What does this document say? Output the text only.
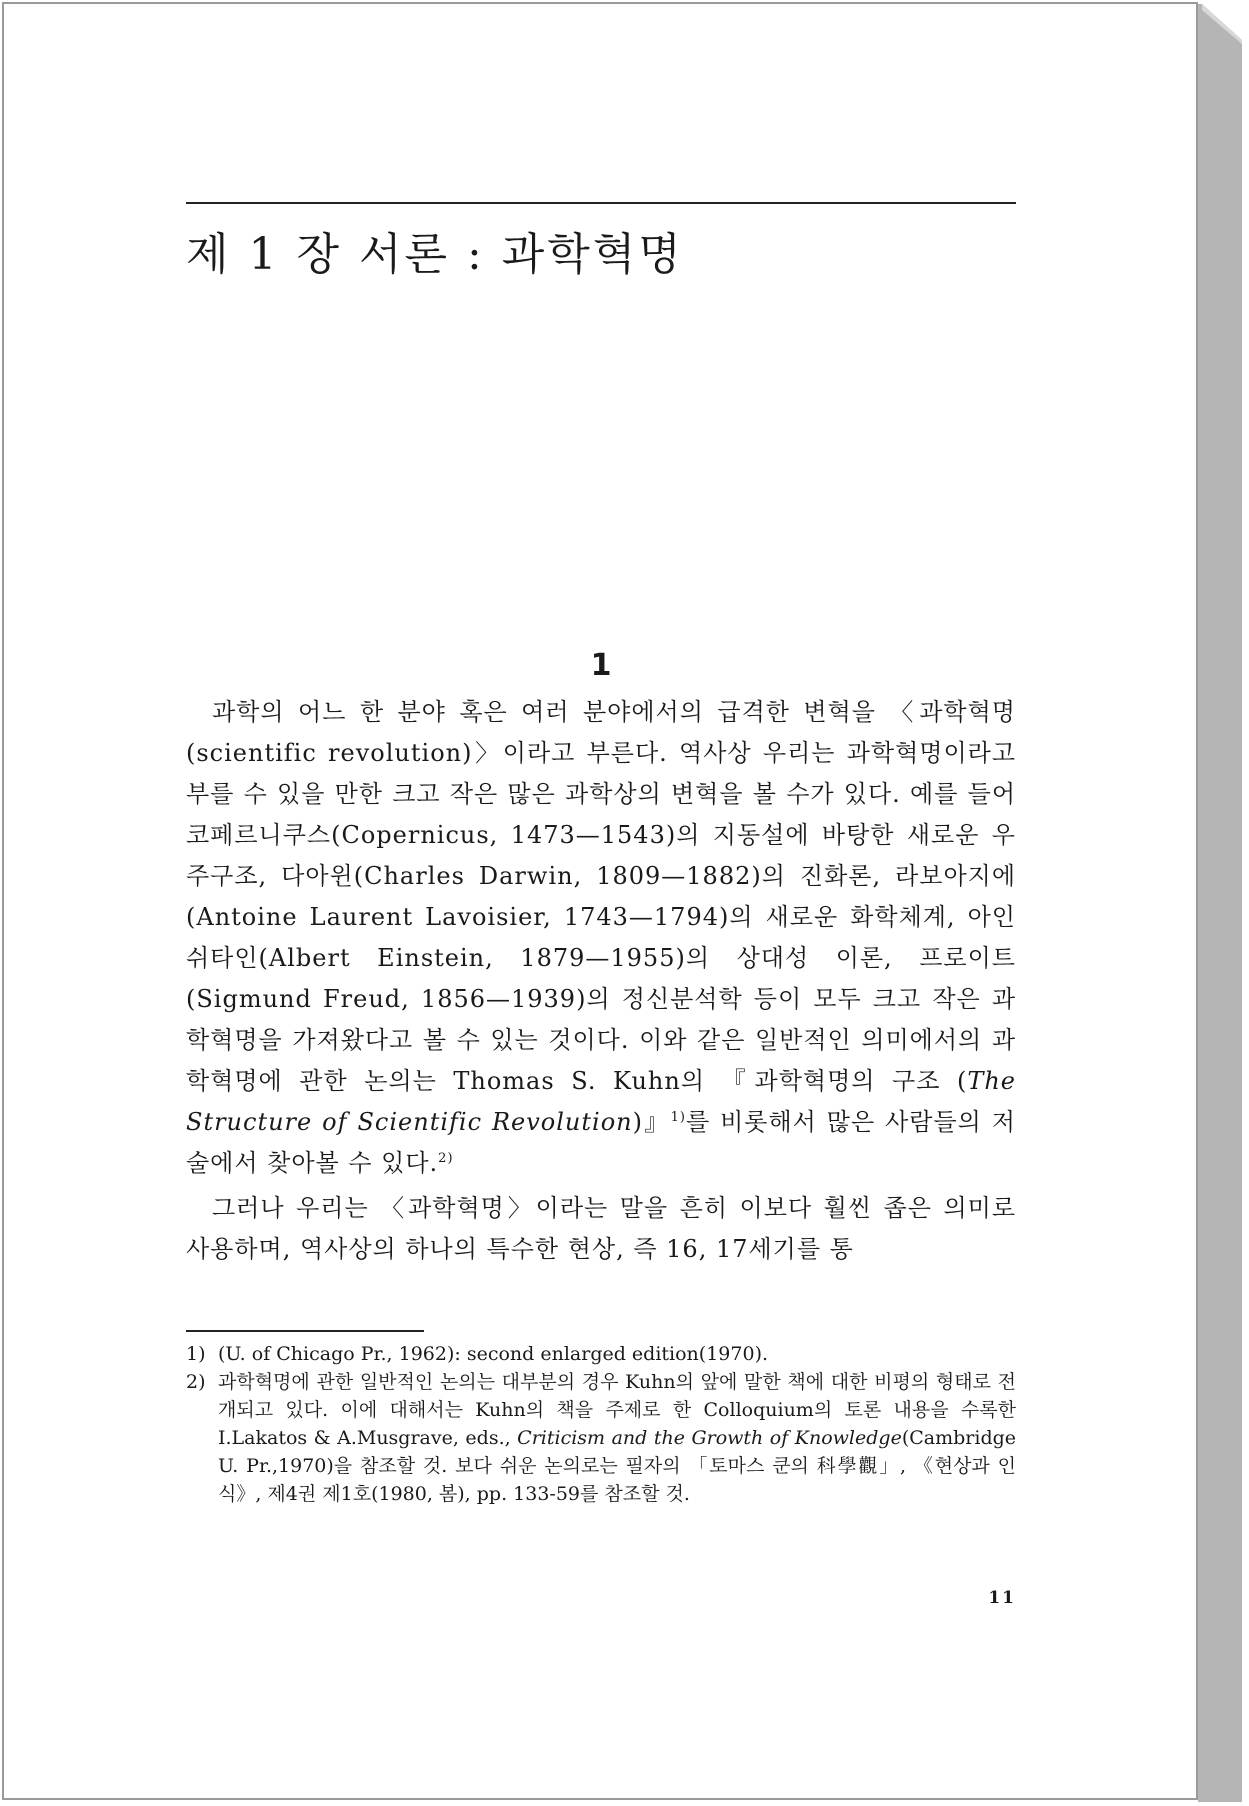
제 1 장 서론 : 과학혁명
1

과학의 어느 한 분야 혹은 여러 분야에서의 급격한 변혁을 〈과학혁명(scientific revolution)〉이라고 부른다. 역사상 우리는 과학혁명이라고 부를 수 있을 만한 크고 작은 많은 과학상의 변혁을 볼 수가 있다. 예를 들어 코페르니쿠스(Copernicus, 1473—1543)의 지동설에 바탕한 새로운 우주구조, 다아윈(Charles Darwin, 1809—1882)의 진화론, 라보아지에(Antoine Laurent Lavoisier, 1743—1794)의 새로운 화학체계, 아인쉬타인(Albert Einstein, 1879—1955)의 상대성 이론, 프로이트(Sigmund Freud, 1856—1939)의 정신분석학 등이 모두 크고 작은 과학혁명을 가져왔다고 볼 수 있는 것이다. 이와 같은 일반적인 의미에서의 과학혁명에 관한 논의는 Thomas S. Kuhn의 『과학혁명의 구조 (The Structure of Scientific Revolution)』$^{1)}$를 비롯해서 많은 사람들의 저술에서 찾아볼 수 있다.$^{2)}$

그러나 우리는 〈과학혁명〉이라는 말을 흔히 이보다 훨씬 좁은 의미로 사용하며, 역사상의 하나의 특수한 현상, 즉 16, 17세기를 통

1) (U. of Chicago Pr., 1962): second enlarged edition(1970).
2) 과학혁명에 관한 일반적인 논의는 대부분의 경우 Kuhn의 앞에 말한 책에 대한 비평의 형태로 전개되고 있다. 이에 대해서는 Kuhn의 책을 주제로 한 Colloquium의 토론 내용을 수록한 I.Lakatos & A.Musgrave, eds., Criticism and the Growth of Knowledge(Cambridge U. Pr.,1970)을 참조할 것. 보다 쉬운 논의로는 필자의 「토마스 쿤의 科學觀」, 《현상과 인식》, 제4권 제1호(1980, 봄), pp. 133-59를 참조할 것.
11
